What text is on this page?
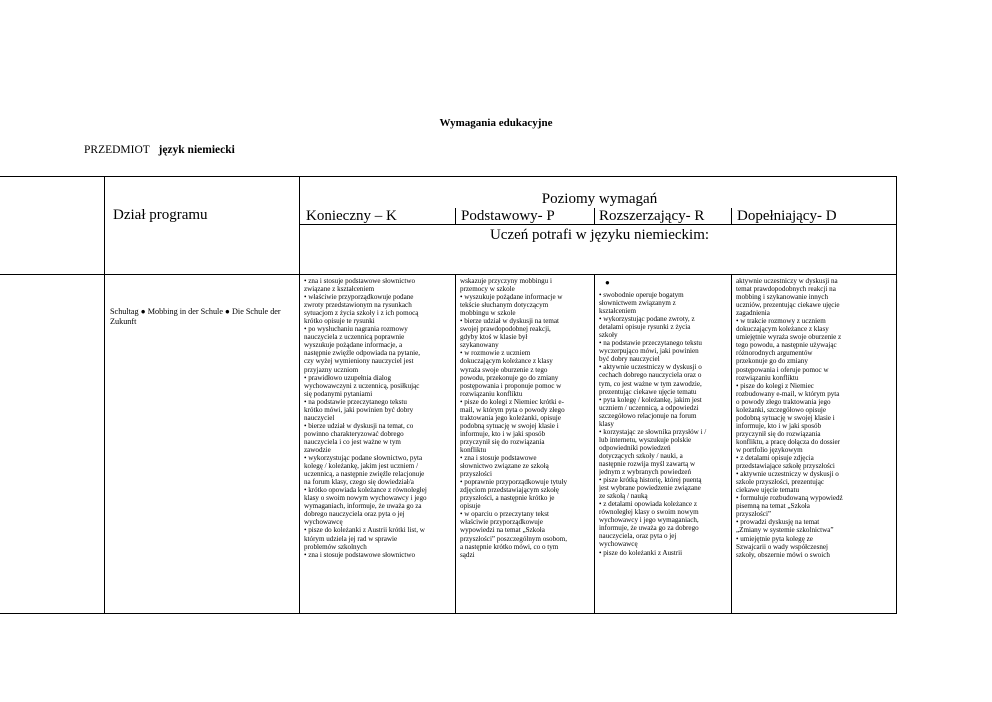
Wymagania edukacyjne
PRZEDMIOT język niemiecki
Dział programu
Poziomy wymagań
Konieczny – K	Podstawowy- P	Rozszerzający- R Dopełniający- D
Uczeń potrafi w języku niemieckim:
Schultag ● Mobbing in der Schule ● Die Schule der Zukunft
• zna i stosuje podstawowe słownictwo
związane z kształceniem
• właściwie przyporządkowuje podane
zwroty przedstawionym na rysunkach
sytuacjom z życia szkoły i z ich pomocą
krótko opisuje te rysunki
• po wysłuchaniu nagrania rozmowy
nauczyciela z uczennicą poprawnie
wyszukuje pożądane informacje, a
następnie zwięźle odpowiada na pytanie,
czy wyżej wymieniony nauczyciel jest
przyjazny uczniom
• prawidłowo uzupełnia dialog
wychowawczyni z uczennicą, posiłkując
się podanymi pytaniami
• na podstawie przeczytanego tekstu
krótko mówi, jaki powinien być dobry
nauczyciel
• bierze udział w dyskusji na temat, co
powinno charakteryzować dobrego
nauczyciela i co jest ważne w tym
zawodzie
• wykorzystując podane słownictwo, pyta
kolegę / koleżankę, jakim jest uczniem /
uczennicą, a następnie zwięźle relacjonuje
na forum klasy, czego się dowiedział/a
• krótko opowiada koleżance z równoległej
klasy o swoim nowym wychowawcy i jego
wymaganiach, informuje, że uważa go za
dobrego nauczyciela oraz pyta o jej
wychowawcę
• pisze do koleżanki z Austrii krótki list, w
którym udziela jej rad w sprawie
problemów szkolnych
• zna i stosuje podstawowe słownictwo
wskazuje przyczyny mobbingu i
przemocy w szkole
• wyszukuje pożądane informacje w
tekście słuchanym dotyczącym
mobbingu w szkole
• bierze udział w dyskusji na temat
swojej prawdopodobnej reakcji,
gdyby ktoś w klasie był
szykanowany
• w rozmowie z uczniem
dokuczającym koleżance z klasy
wyraża swoje oburzenie z tego
powodu, przekonuje go do zmiany
postępowania i proponuje pomoc w
rozwiązaniu konfliktu
• pisze do kolegi z Niemiec krótki e-
mail, w którym pyta o powody złego
traktowania jego koleżanki, opisuje
podobną sytuację w swojej klasie i
informuje, kto i w jaki sposób
przyczynił się do rozwiązania
konfliktu
• zna i stosuje podstawowe
słownictwo związane ze szkołą
przyszłości
• poprawnie przyporządkowuje tytuły
zdjęciom przedstawiającym szkołę
przyszłości, a następnie krótko je
opisuje
• w oparciu o przeczytany tekst
właściwie przyporządkowuje
wypowiedzi na temat „Szkoła
przyszłości” poszczególnym osobom,
a następnie krótko mówi, co o tym
sądzi
●
• swobodnie operuje bogatym
słownictwem związanym z
kształceniem
• wykorzystując podane zwroty, z
detalami opisuje rysunki z życia
szkoły
• na podstawie przeczytanego tekstu
wyczerpująco mówi, jaki powinien
być dobry nauczyciel
• aktywnie uczestniczy w dyskusji o
cechach dobrego nauczyciela oraz o
tym, co jest ważne w tym zawodzie,
prezentując ciekawe ujęcie tematu
• pyta kolegę / koleżankę, jakim jest
uczniem / uczennicą, a odpowiedzi
szczegółowo relacjonuje na forum
klasy
• korzystając ze słownika przysłów i /
lub internetu, wyszukuje polskie
odpowiedniki powiedzeń
dotyczących szkoły / nauki, a
następnie rozwija myśl zawartą w
jednym z wybranych powiedzeń
• pisze krótką historię, której puentą
jest wybrane powiedzenie związane
ze szkołą / nauką
• z detalami opowiada koleżance z
równoległej klasy o swoim nowym
wychowawcy i jego wymaganiach,
informuje, że uważa go za dobrego
nauczyciela, oraz pyta o jej
wychowawcę
• pisze do koleżanki z Austrii
aktywnie uczestniczy w dyskusji na
temat prawdopodobnych reakcji na
mobbing i szykanowanie innych
uczniów, prezentując ciekawe ujęcie
zagadnienia
• w trakcie rozmowy z uczniem
dokuczającym koleżance z klasy
umiejętnie wyraża swoje oburzenie z
tego powodu, a następnie używając
różnorodnych argumentów
przekonuje go do zmiany
postępowania i oferuje pomoc w
rozwiązaniu konfliktu
• pisze do kolegi z Niemiec
rozbudowany e-mail, w którym pyta
o powody złego traktowania jego
koleżanki, szczegółowo opisuje
podobną sytuację w swojej klasie i
informuje, kto i w jaki sposób
przyczynił się do rozwiązania
konfliktu, a pracę dołącza do dossier
w portfolio językowym
• z detalami opisuje zdjęcia
przedstawiające szkołę przyszłości
• aktywnie uczestniczy w dyskusji o
szkole przyszłości, prezentując
ciekawe ujęcie tematu
• formułuje rozbudowaną wypowiedź
pisemną na temat „Szkoła
przyszłości”
• prowadzi dyskusję na temat
„Zmiany w systemie szkolnictwa”
• umiejętnie pyta kolegę ze
Szwajcarii o wady współczesnej
szkoły, obszernie mówi o swoich
